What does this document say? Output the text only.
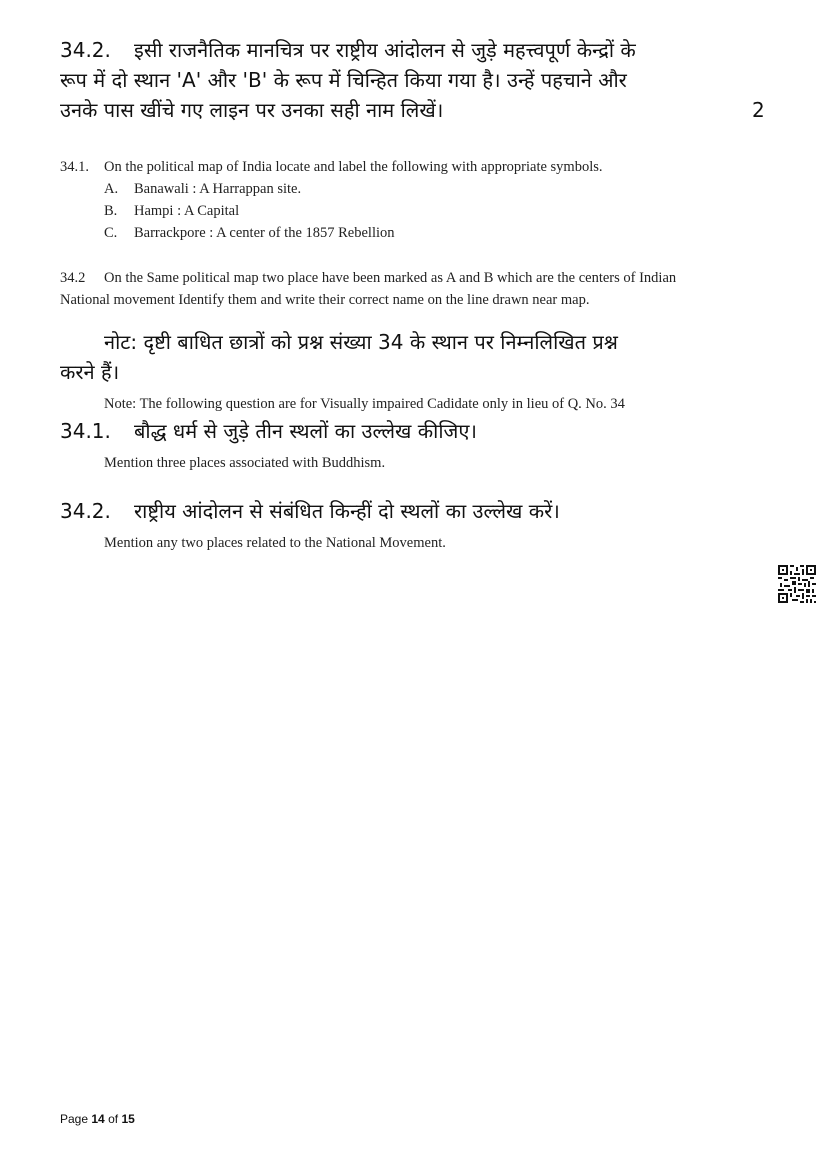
34.2. इसी राजनैतिक मानचित्र पर राष्ट्रीय आंदोलन से जुड़े महत्त्वपूर्ण केन्द्रों के
रूप में दो स्थान 'A' और 'B' के रूप में चिन्हित किया गया है। उन्हें पहचाने और
उनके पास खींचे गए लाइन पर उनका सही नाम लिखें।	2
34.1. On the political map of India locate and label the following with appropriate symbols.
A.	Banawali : A Harrappan site.
B.	Hampi : A Capital
C.	Barrackpore : A center of the 1857 Rebellion
34.2 On the Same political map two place have been marked as A and B which are the centers of Indian
National movement Identify them and write their correct name on the line drawn near map.
नोट: दृष्टी बाधित छात्रों को प्रश्न संख्या 34 के स्थान पर निम्नलिखित प्रश्न
करने हैं।
Note: The following question are for Visually impaired Cadidate only in lieu of Q. No. 34
34.1. बौद्ध धर्म से जुड़े तीन स्थलों का उल्लेख कीजिए।
Mention three places associated with Buddhism.
34.2. राष्ट्रीय आंदोलन से संबंधित किन्हीं दो स्थलों का उल्लेख करें।
Mention any two places related to the National Movement.
Page 14 of 15
